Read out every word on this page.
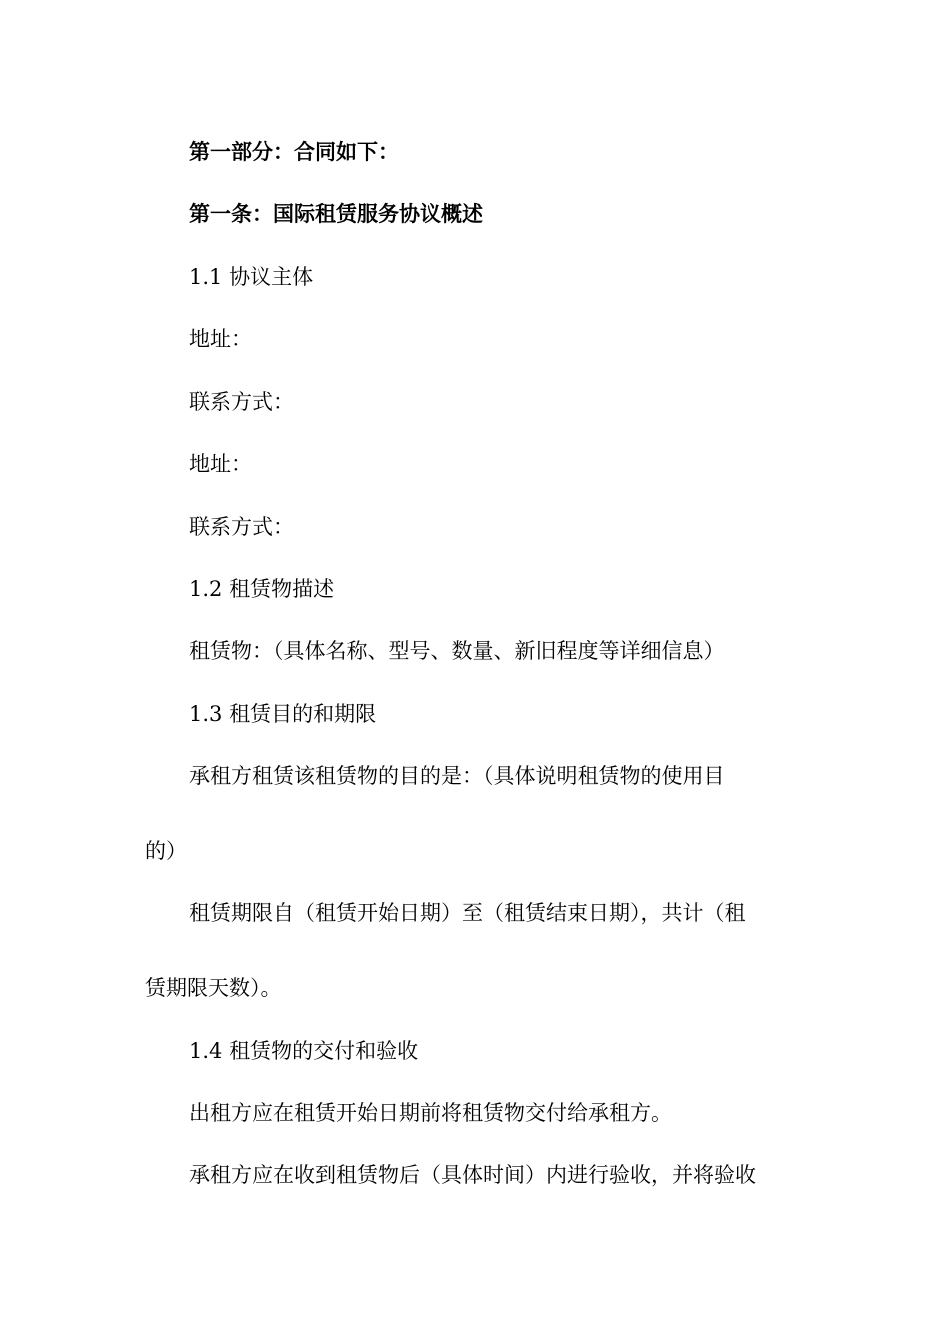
第一部分：合同如下：

第一条：国际租赁服务协议概述

1.1 协议主体

地址：

联系方式：

地址：

联系方式：

1.2 租赁物描述

租赁物：（具体名称、型号、数量、新旧程度等详细信息）

1.3 租赁目的和期限

承租方租赁该租赁物的目的是：（具体说明租赁物的使用目

的）

租赁期限自（租赁开始日期）至（租赁结束日期），共计（租

赁期限天数）。

1.4 租赁物的交付和验收

出租方应在租赁开始日期前将租赁物交付给承租方。

承租方应在收到租赁物后（具体时间）内进行验收，并将验收
